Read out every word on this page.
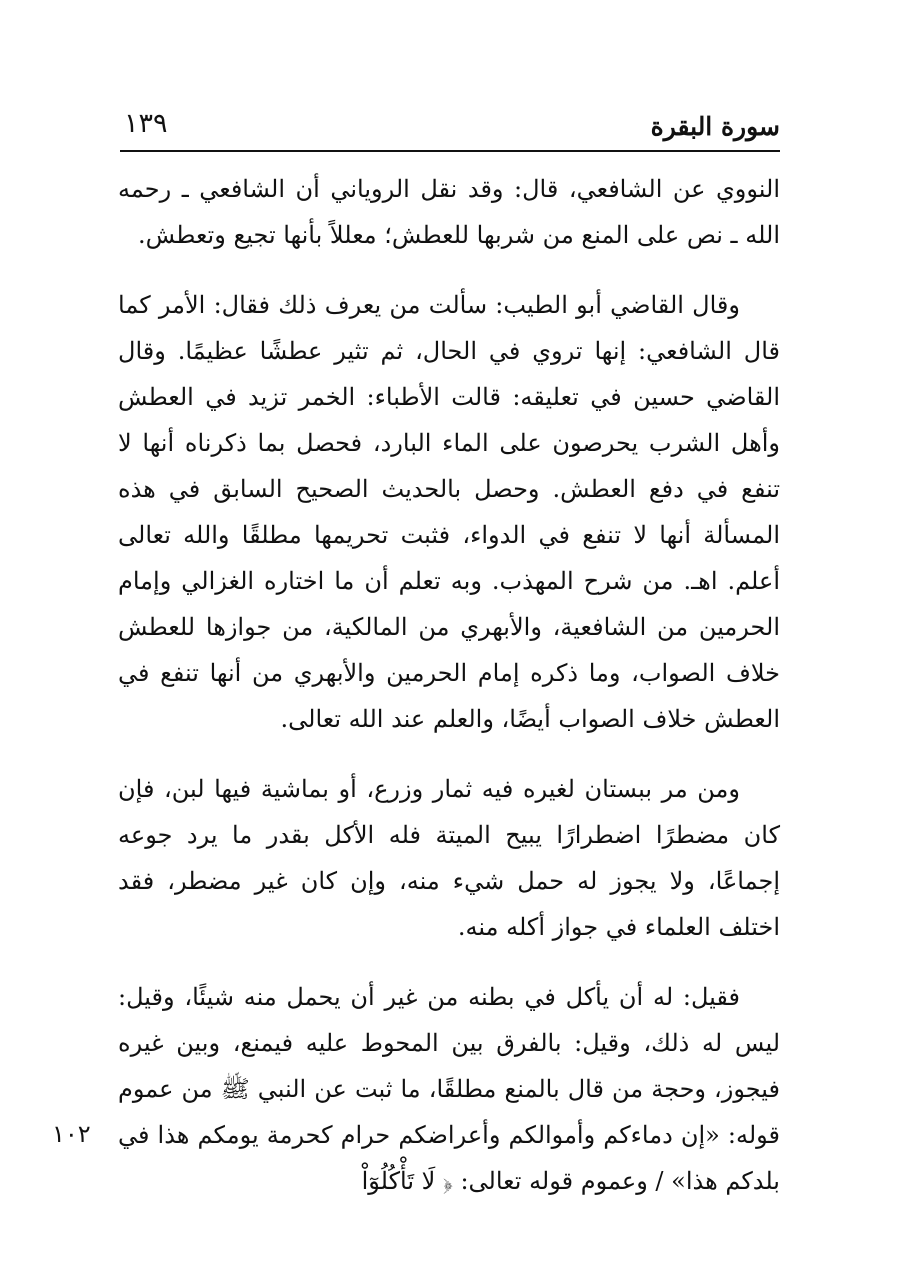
سورة البقرة
١٣٩

النووي عن الشافعي، قال: وقد نقل الروياني أن الشافعي ـ رحمه الله ـ نص على المنع من شربها للعطش؛ معللاً بأنها تجيع وتعطش.

وقال القاضي أبو الطيب: سألت من يعرف ذلك فقال: الأمر كما قال الشافعي: إنها تروي في الحال، ثم تثير عطشًا عظيمًا. وقال القاضي حسين في تعليقه: قالت الأطباء: الخمر تزيد في العطش وأهل الشرب يحرصون على الماء البارد، فحصل بما ذكرناه أنها لا تنفع في دفع العطش. وحصل بالحديث الصحيح السابق في هذه المسألة أنها لا تنفع في الدواء، فثبت تحريمها مطلقًا والله تعالى أعلم. اهـ. من شرح المهذب. وبه تعلم أن ما اختاره الغزالي وإمام الحرمين من الشافعية، والأبهري من المالكية، من جوازها للعطش خلاف الصواب، وما ذكره إمام الحرمين والأبهري من أنها تنفع في العطش خلاف الصواب أيضًا، والعلم عند الله تعالى.

ومن مر ببستان لغيره فيه ثمار وزرع، أو بماشية فيها لبن، فإن كان مضطرًا اضطرارًا يبيح الميتة فله الأكل بقدر ما يرد جوعه إجماعًا، ولا يجوز له حمل شيء منه، وإن كان غير مضطر، فقد اختلف العلماء في جواز أكله منه.

فقيل: له أن يأكل في بطنه من غير أن يحمل منه شيئًا، وقيل: ليس له ذلك، وقيل: بالفرق بين المحوط عليه فيمنع، وبين غيره فيجوز، وحجة من قال بالمنع مطلقًا، ما ثبت عن النبي ﷺ من عموم قوله: «إن دماءكم وأموالكم وأعراضكم حرام كحرمة يومكم هذا في بلدكم هذا» / وعموم قوله تعالى: ﴿ لَا تَأْكُلُوٓاْ

١٠٢
